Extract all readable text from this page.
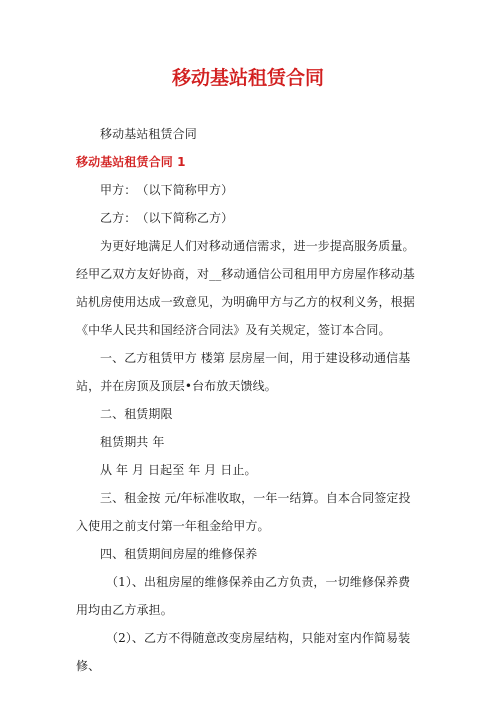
移动基站租赁合同

移动基站租赁合同

移动基站租赁合同 1

甲方：　（以下简称甲方）

乙方：　（以下简称乙方）

为更好地满足人们对移动通信需求，进一步提高服务质量。经甲乙双方友好协商，对__移动通信公司租用甲方房屋作移动基站机房使用达成一致意见，为明确甲方与乙方的权利义务，根据《中华人民共和国经济合同法》及有关规定，签订本合同。

一、乙方租赁甲方 楼第 层房屋一间，用于建设移动通信基站，并在房顶及顶层•台布放天馈线。

二、租赁期限

租赁期共 年

从 年 月 日起至 年 月 日止。

三、租金按 元/年标准收取，一年一结算。自本合同签定投入使用之前支付第一年租金给甲方。

四、租赁期间房屋的维修保养

（1）、出租房屋的维修保养由乙方负责，一切维修保养费用均由乙方承担。

（2）、乙方不得随意改变房屋结构，只能对室内作简易装修、
